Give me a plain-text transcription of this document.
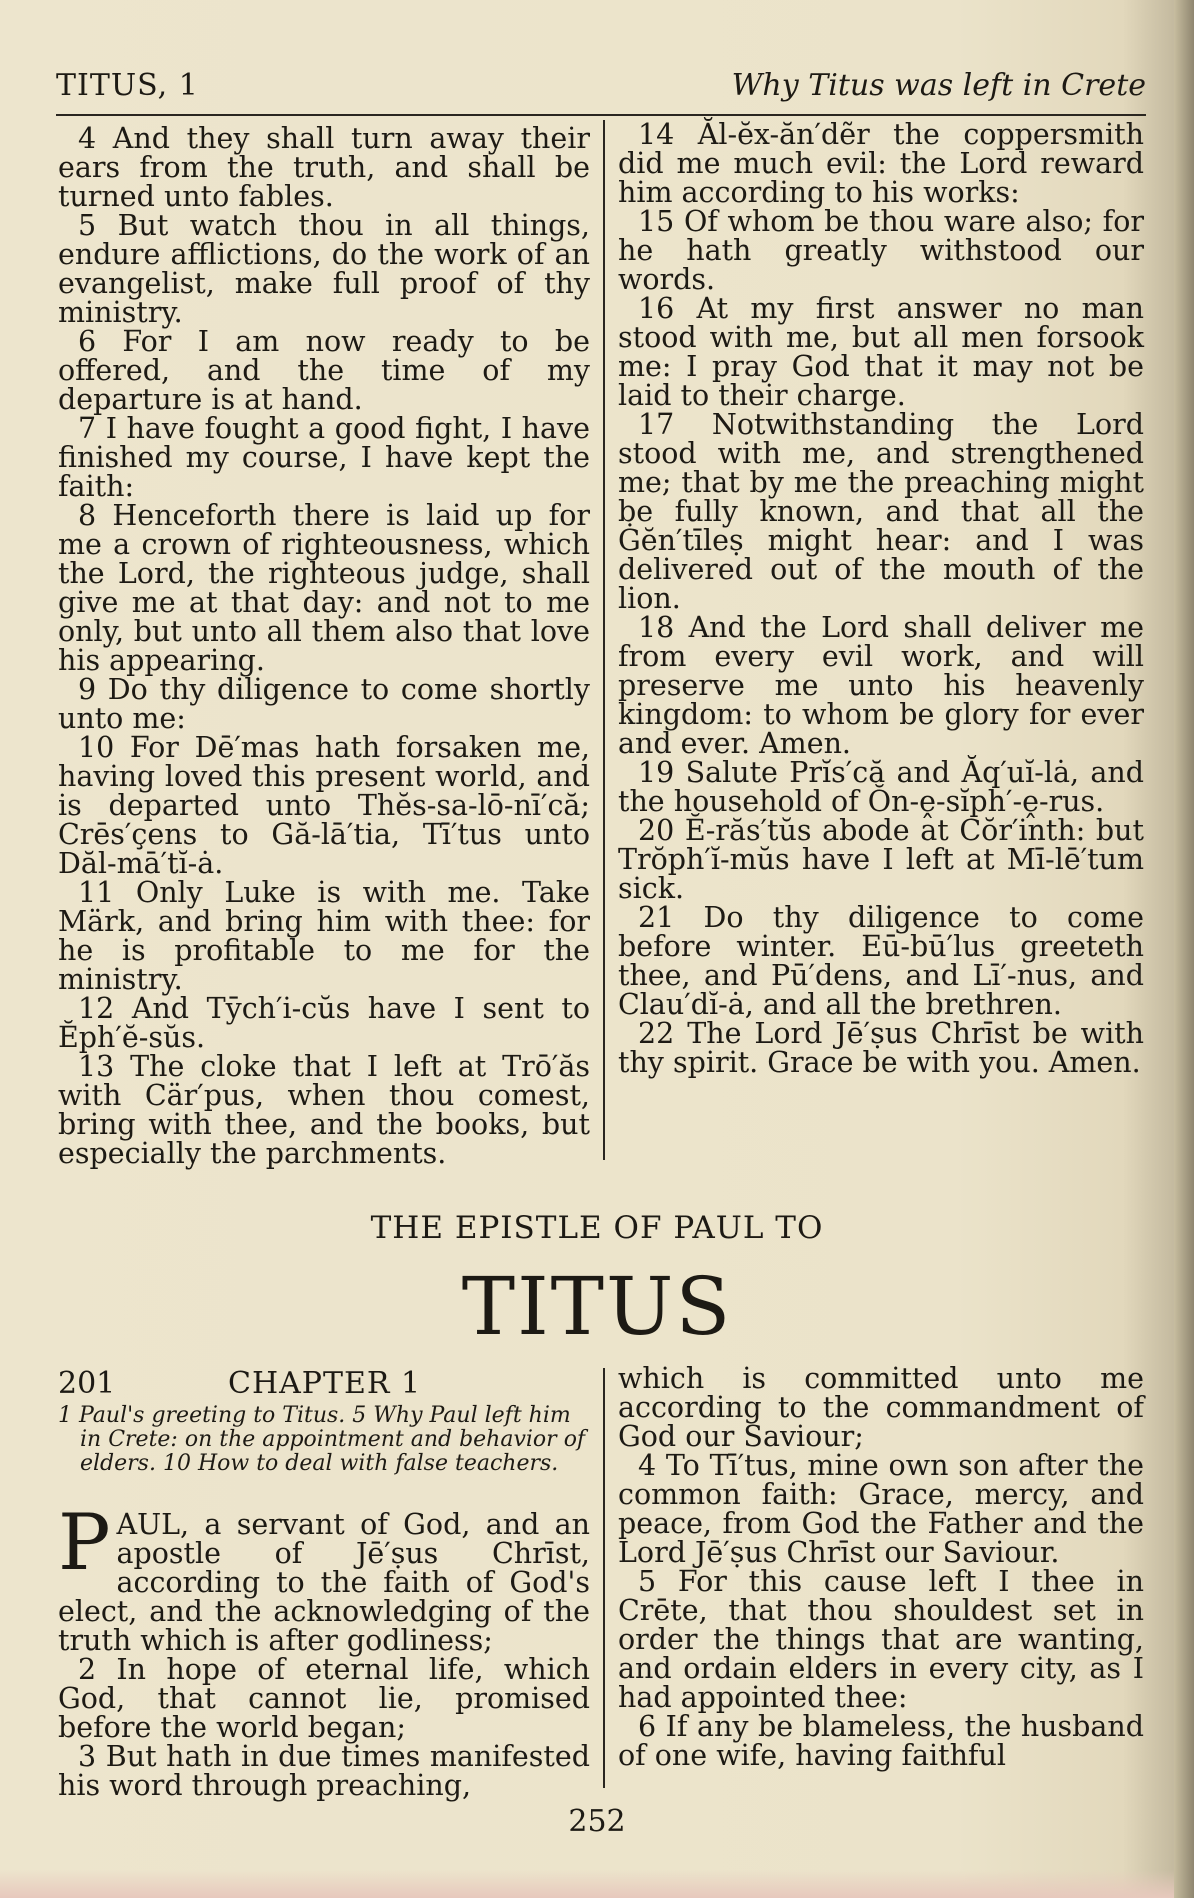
TITUS, 1	Why Titus was left in Crete

4 And they shall turn away their ears from the truth, and shall be turned unto fables.

5 But watch thou in all things, endure afflictions, do the work of an evangelist, make full proof of thy ministry.

6 For I am now ready to be offered, and the time of my departure is at hand.

7 I have fought a good fight, I have finished my course, I have kept the faith:

8 Henceforth there is laid up for me a crown of righteousness, which the Lord, the righteous judge, shall give me at that day: and not to me only, but unto all them also that love his appearing.

9 Do thy diligence to come shortly unto me:

10 For Dē′mas hath forsaken me, having loved this present world, and is departed unto Thĕs-sa-lō-nī′că; Crēs′çens to Gă-lā′tia, Tī′tus unto Dăl-mā′tĭ-ȧ.

11 Only Luke is with me. Take Märk, and bring him with thee: for he is profitable to me for the ministry.

12 And Tȳch′i-cŭs have I sent to Ĕph′ĕ-sŭs.

13 The cloke that I left at Trō′ăs with Cär′pus, when thou comest, bring with thee, and the books, but especially the parchments.

14 Ăl-ĕx-ăn′dẽr the coppersmith did me much evil: the Lord reward him according to his works:

15 Of whom be thou ware also; for he hath greatly withstood our words.

16 At my first answer no man stood with me, but all men forsook me: I pray God that it may not be laid to their charge.

17 Notwithstanding the Lord stood with me, and strengthened me; that by me the preaching might be fully known, and that all the Ġĕn′tīleṣ might hear: and I was delivered out of the mouth of the lion.

18 And the Lord shall deliver me from every evil work, and will preserve me unto his heavenly kingdom: to whom be glory for ever and ever. Amen.

19 Salute Prĭs′că and Ăq′uĭ-lȧ, and the household of Ŏn-ḙ-sĭph′-ḙ-rus.

20 Ĕ-răs′tŭs abode at Cŏr′inth: but Trŏph′ĭ-mŭs have I left at Mī-lē′tum sick.

21 Do thy diligence to come before winter. Eū-bū′lus greeteth thee, and Pū′dens, and Lī′-nus, and Clau′dĭ-ȧ, and all the brethren.

22 The Lord Jē′ṣus Chrīst be with thy spirit. Grace be with you. Amen.

THE EPISTLE OF PAUL TO
TITUS
201	CHAPTER 1
1 Paul's greeting to Titus. 5 Why Paul left him in Crete: on the appointment and behavior of elders. 10 How to deal with false teachers.

PAUL, a servant of God, and an apostle of Jē′ṣus Chrīst, according to the faith of God's elect, and the acknowledging of the truth which is after godliness;

2 In hope of eternal life, which God, that cannot lie, promised before the world began;

3 But hath in due times manifested his word through preaching,

which is committed unto me according to the commandment of God our Saviour;

4 To Tī′tus, mine own son after the common faith: Grace, mercy, and peace, from God the Father and the Lord Jē′ṣus Chrīst our Saviour.

5 For this cause left I thee in Crēte, that thou shouldest set in order the things that are wanting, and ordain elders in every city, as I had appointed thee:

6 If any be blameless, the husband of one wife, having faithful

252
